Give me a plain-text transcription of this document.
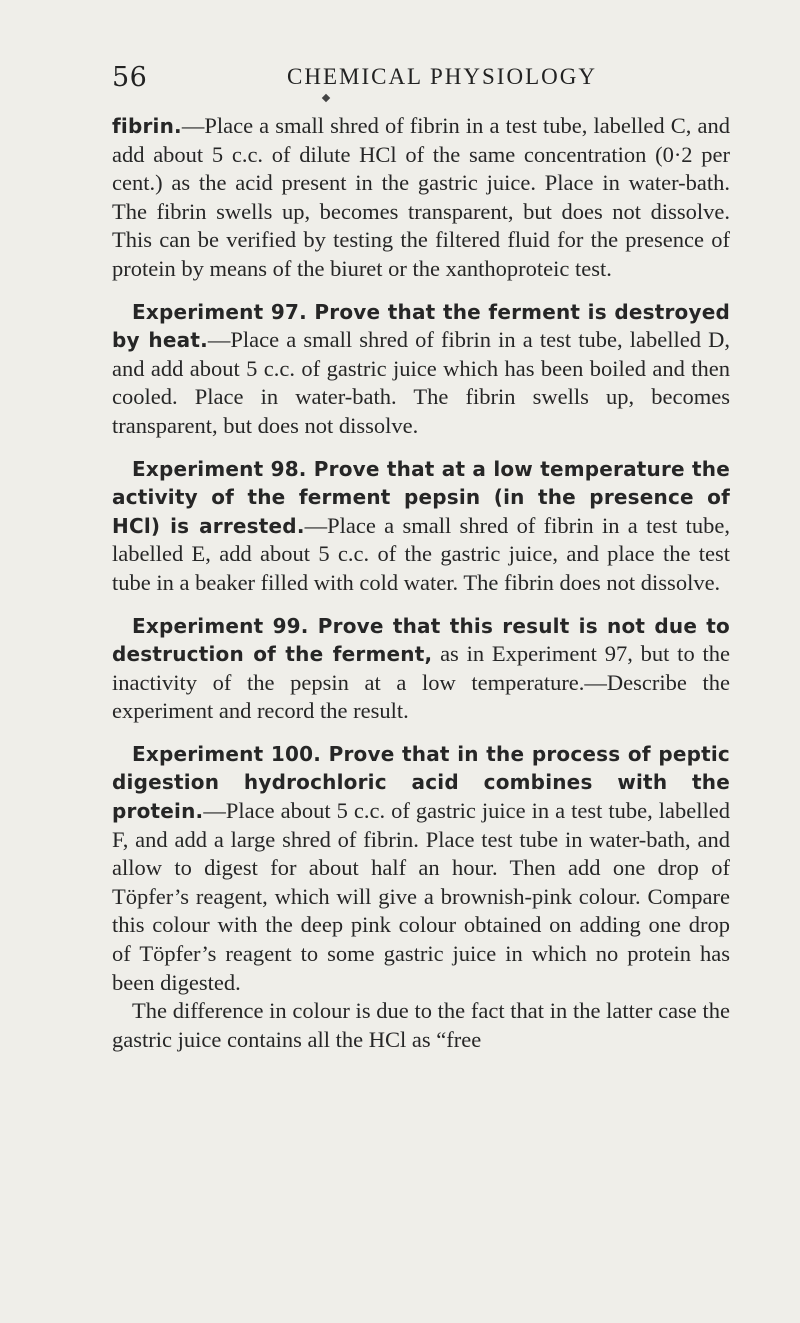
56	CHEMICAL PHYSIOLOGY

fibrin.—Place a small shred of fibrin in a test tube, labelled C, and add about 5 c.c. of dilute HCl of the same concentration (0·2 per cent.) as the acid present in the gastric juice. Place in water-bath. The fibrin swells up, becomes transparent, but does not dissolve. This can be verified by testing the filtered fluid for the presence of protein by means of the biuret or the xanthoproteic test.

Experiment 97. Prove that the ferment is destroyed by heat.—Place a small shred of fibrin in a test tube, labelled D, and add about 5 c.c. of gastric juice which has been boiled and then cooled. Place in water-bath. The fibrin swells up, becomes transparent, but does not dissolve.

Experiment 98. Prove that at a low temperature the activity of the ferment pepsin (in the presence of HCl) is arrested.—Place a small shred of fibrin in a test tube, labelled E, add about 5 c.c. of the gastric juice, and place the test tube in a beaker filled with cold water. The fibrin does not dissolve.

Experiment 99. Prove that this result is not due to destruction of the ferment, as in Experiment 97, but to the inactivity of the pepsin at a low temperature.—Describe the experiment and record the result.

Experiment 100. Prove that in the process of peptic digestion hydrochloric acid combines with the protein.—Place about 5 c.c. of gastric juice in a test tube, labelled F, and add a large shred of fibrin. Place test tube in water-bath, and allow to digest for about half an hour. Then add one drop of Töpfer’s reagent, which will give a brownish-pink colour. Compare this colour with the deep pink colour obtained on adding one drop of Töpfer’s reagent to some gastric juice in which no protein has been digested.

The difference in colour is due to the fact that in the latter case the gastric juice contains all the HCl as “free
